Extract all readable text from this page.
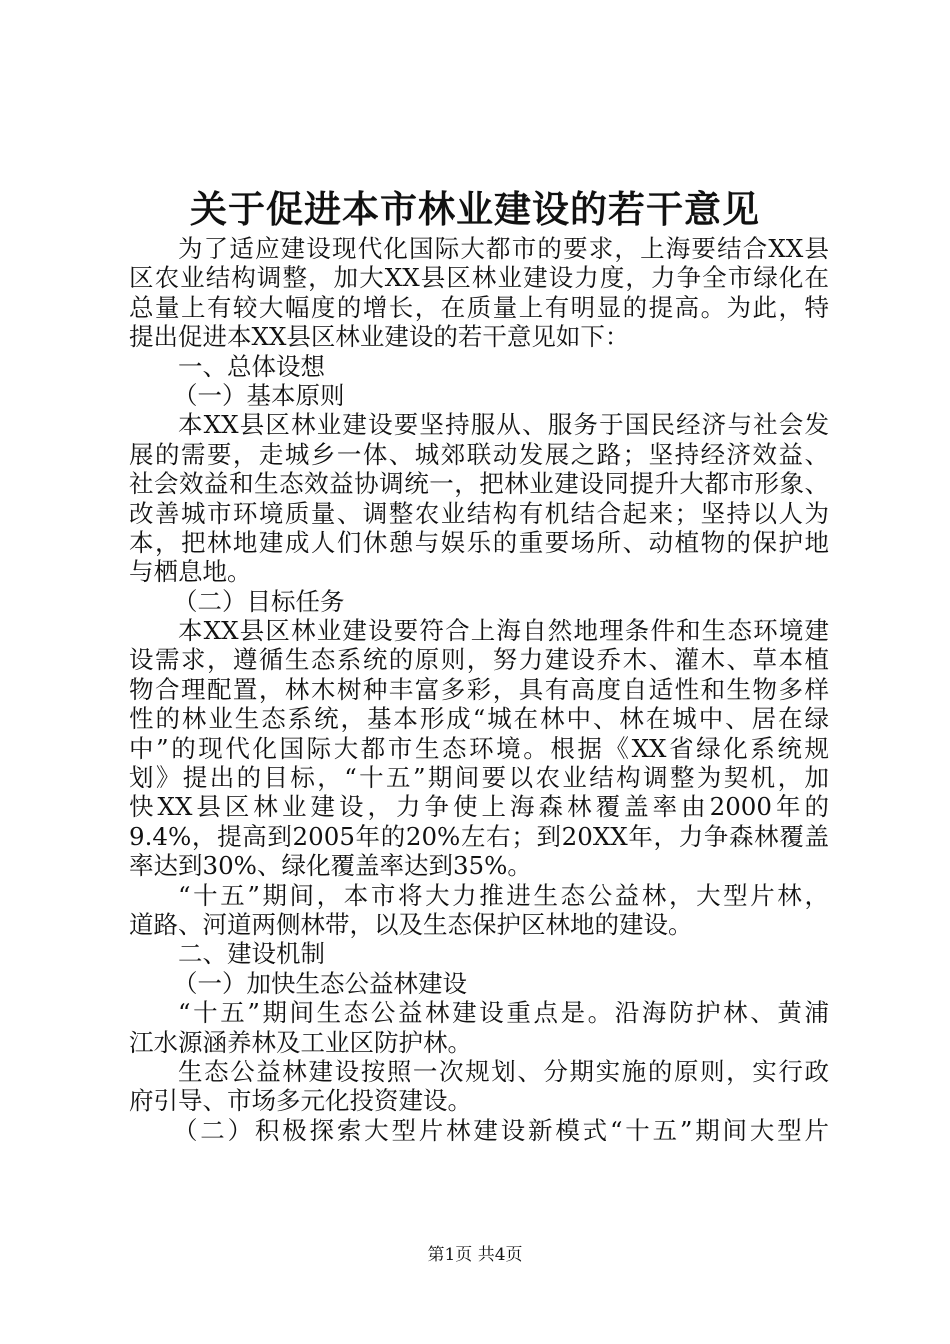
关于促进本市林业建设的若干意见
为了适应建设现代化国际大都市的要求，上海要结合XX县
区农业结构调整，加大XX县区林业建设力度，力争全市绿化在
总量上有较大幅度的增长，在质量上有明显的提高。为此，特
提出促进本XX县区林业建设的若干意见如下：
一、总体设想
（一）基本原则
本XX县区林业建设要坚持服从、服务于国民经济与社会发
展的需要，走城乡一体、城郊联动发展之路；坚持经济效益、
社会效益和生态效益协调统一，把林业建设同提升大都市形象、
改善城市环境质量、调整农业结构有机结合起来；坚持以人为
本，把林地建成人们休憩与娱乐的重要场所、动植物的保护地
与栖息地。
（二）目标任务
本XX县区林业建设要符合上海自然地理条件和生态环境建
设需求，遵循生态系统的原则，努力建设乔木、灌木、草本植
物合理配置，林木树种丰富多彩，具有高度自适性和生物多样
性的林业生态系统，基本形成“城在林中、林在城中、居在绿
中”的现代化国际大都市生态环境。根据《XX省绿化系统规
划》提出的目标，“十五”期间要以农业结构调整为契机，加
快XX县区林业建设，力争使上海森林覆盖率由2000年的
9.4%，提高到2005年的20%左右；到20XX年，力争森林覆盖
率达到30%、绿化覆盖率达到35%。
“十五”期间，本市将大力推进生态公益林，大型片林，
道路、河道两侧林带，以及生态保护区林地的建设。
二、建设机制
（一）加快生态公益林建设
“十五”期间生态公益林建设重点是。沿海防护林、黄浦
江水源涵养林及工业区防护林。
生态公益林建设按照一次规划、分期实施的原则，实行政
府引导、市场多元化投资建设。
（二）积极探索大型片林建设新模式“十五”期间大型片
第1页 共4页
